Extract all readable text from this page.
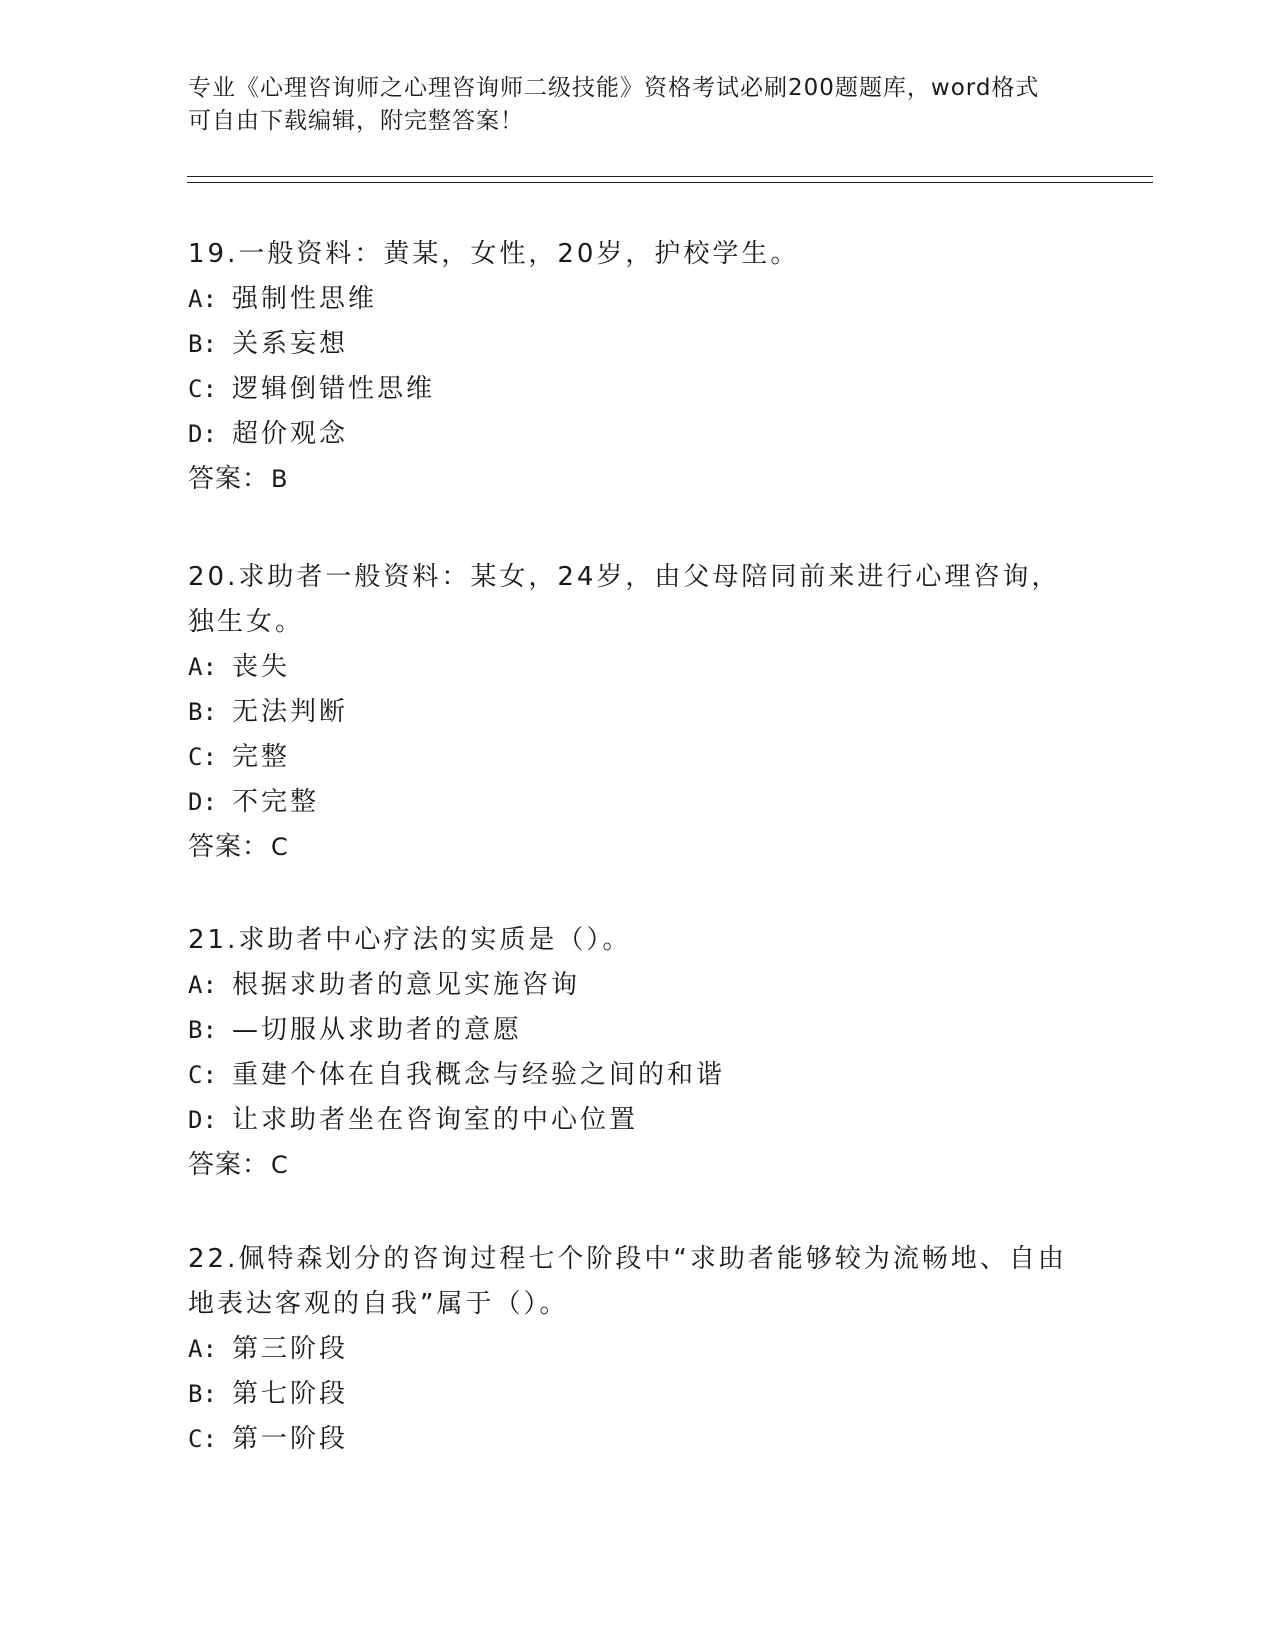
专业《心理咨询师之心理咨询师二级技能》资格考试必刷200题题库，word格式
可自由下载编辑，附完整答案！

19.一般资料：黄某，女性，20岁，护校学生。

A: 强制性思维
B: 关系妄想
C: 逻辑倒错性思维
D: 超价观念
答案：B

20.求助者一般资料：某女，24岁，由父母陪同前来进行心理咨询，独生女。

A: 丧失
B: 无法判断
C: 完整
D: 不完整
答案：C

21.求助者中心疗法的实质是（）。

A: 根据求助者的意见实施咨询
B: —切服从求助者的意愿
C: 重建个体在自我概念与经验之间的和谐
D: 让求助者坐在咨询室的中心位置
答案：C

22.佩特森划分的咨询过程七个阶段中“求助者能够较为流畅地、自由地表达客观的自我”属于（）。

A: 第三阶段
B: 第七阶段
C: 第一阶段
